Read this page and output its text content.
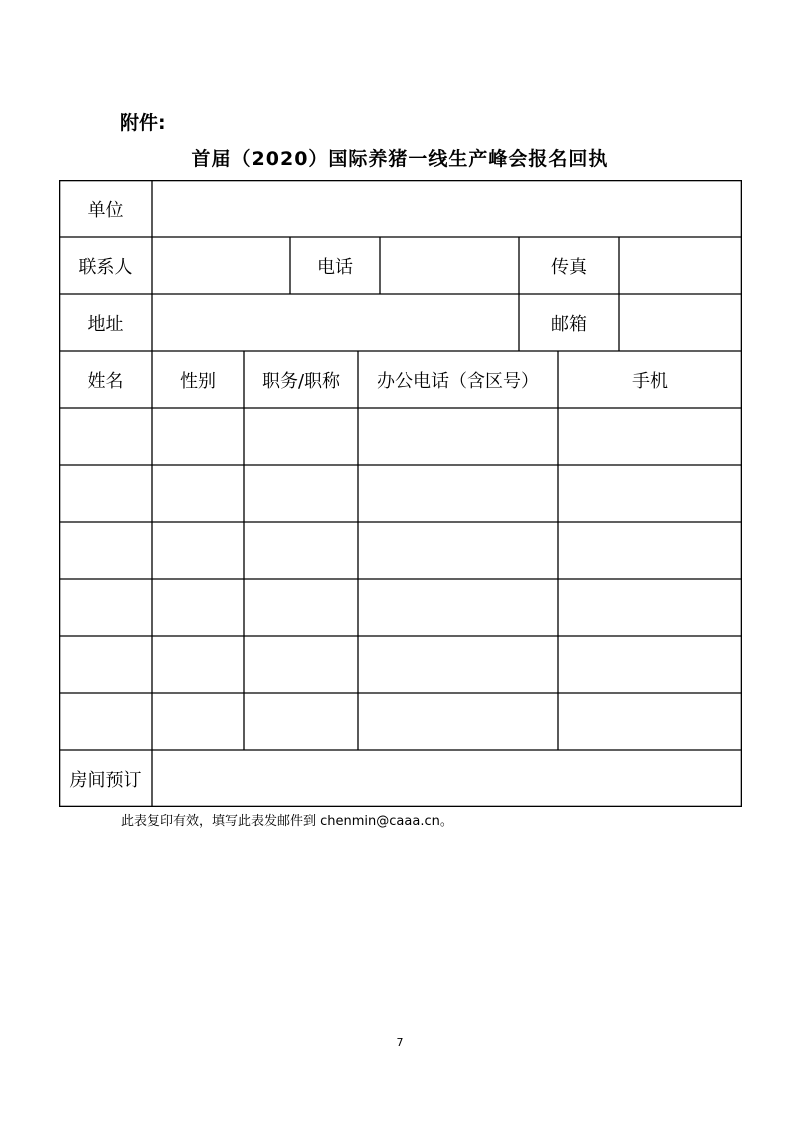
附件:
首届（2020）国际养猪一线生产峰会报名回执
单位
联系人	电话	传真
地址	邮箱
姓名	性别	职务/职称	办公电话（含区号）	手机
房间预订
此表复印有效，填写此表发邮件到 chenmin@caaa.cn。
7
